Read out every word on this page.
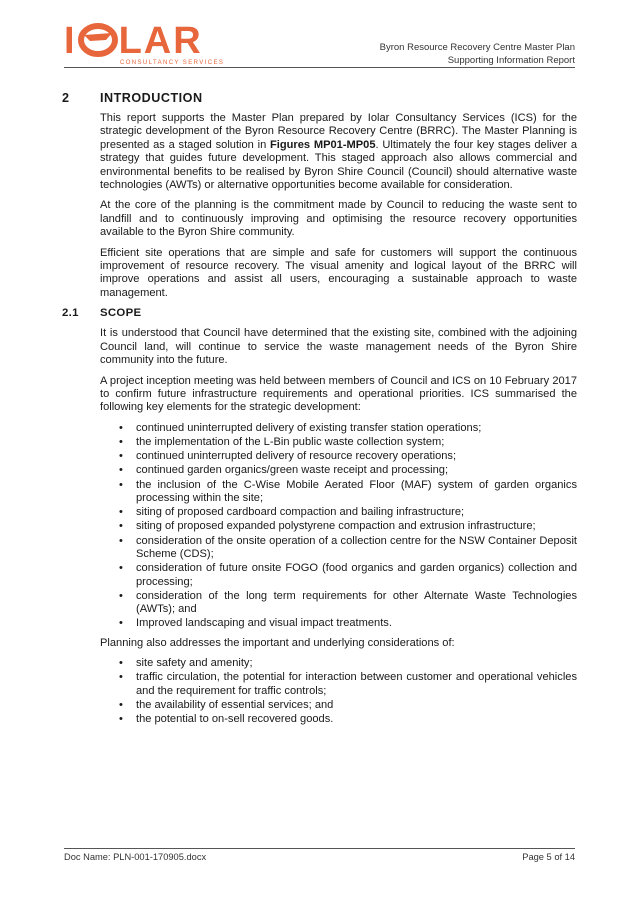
I LAR
CONSULTANCY SERVICES
Byron Resource Recovery Centre Master Plan
Supporting Information Report
2 INTRODUCTION

This report supports the Master Plan prepared by Iolar Consultancy Services (ICS) for the strategic development of the Byron Resource Recovery Centre (BRRC). The Master Planning is presented as a staged solution in Figures MP01-MP05. Ultimately the four key stages deliver a strategy that guides future development. This staged approach also allows commercial and environmental benefits to be realised by Byron Shire Council (Council) should alternative waste technologies (AWTs) or alternative opportunities become available for consideration.

At the core of the planning is the commitment made by Council to reducing the waste sent to landfill and to continuously improving and optimising the resource recovery opportunities available to the Byron Shire community.

Efficient site operations that are simple and safe for customers will support the continuous improvement of resource recovery. The visual amenity and logical layout of the BRRC will improve operations and assist all users, encouraging a sustainable approach to waste management.

2.1 SCOPE

It is understood that Council have determined that the existing site, combined with the adjoining Council land, will continue to service the waste management needs of the Byron Shire community into the future.

A project inception meeting was held between members of Council and ICS on 10 February 2017 to confirm future infrastructure requirements and operational priorities. ICS summarised the following key elements for the strategic development:

• continued uninterrupted delivery of existing transfer station operations;
• the implementation of the L-Bin public waste collection system;
• continued uninterrupted delivery of resource recovery operations;
• continued garden organics/green waste receipt and processing;
• the inclusion of the C-Wise Mobile Aerated Floor (MAF) system of garden organics processing within the site;
• siting of proposed cardboard compaction and bailing infrastructure;
• siting of proposed expanded polystyrene compaction and extrusion infrastructure;
• consideration of the onsite operation of a collection centre for the NSW Container Deposit Scheme (CDS);
• consideration of future onsite FOGO (food organics and garden organics) collection and processing;
• consideration of the long term requirements for other Alternate Waste Technologies (AWTs); and
• Improved landscaping and visual impact treatments.

Planning also addresses the important and underlying considerations of:

• site safety and amenity;
• traffic circulation, the potential for interaction between customer and operational vehicles and the requirement for traffic controls;
• the availability of essential services; and
• the potential to on-sell recovered goods.
Doc Name: PLN-001-170905.docx	Page 5 of 14
